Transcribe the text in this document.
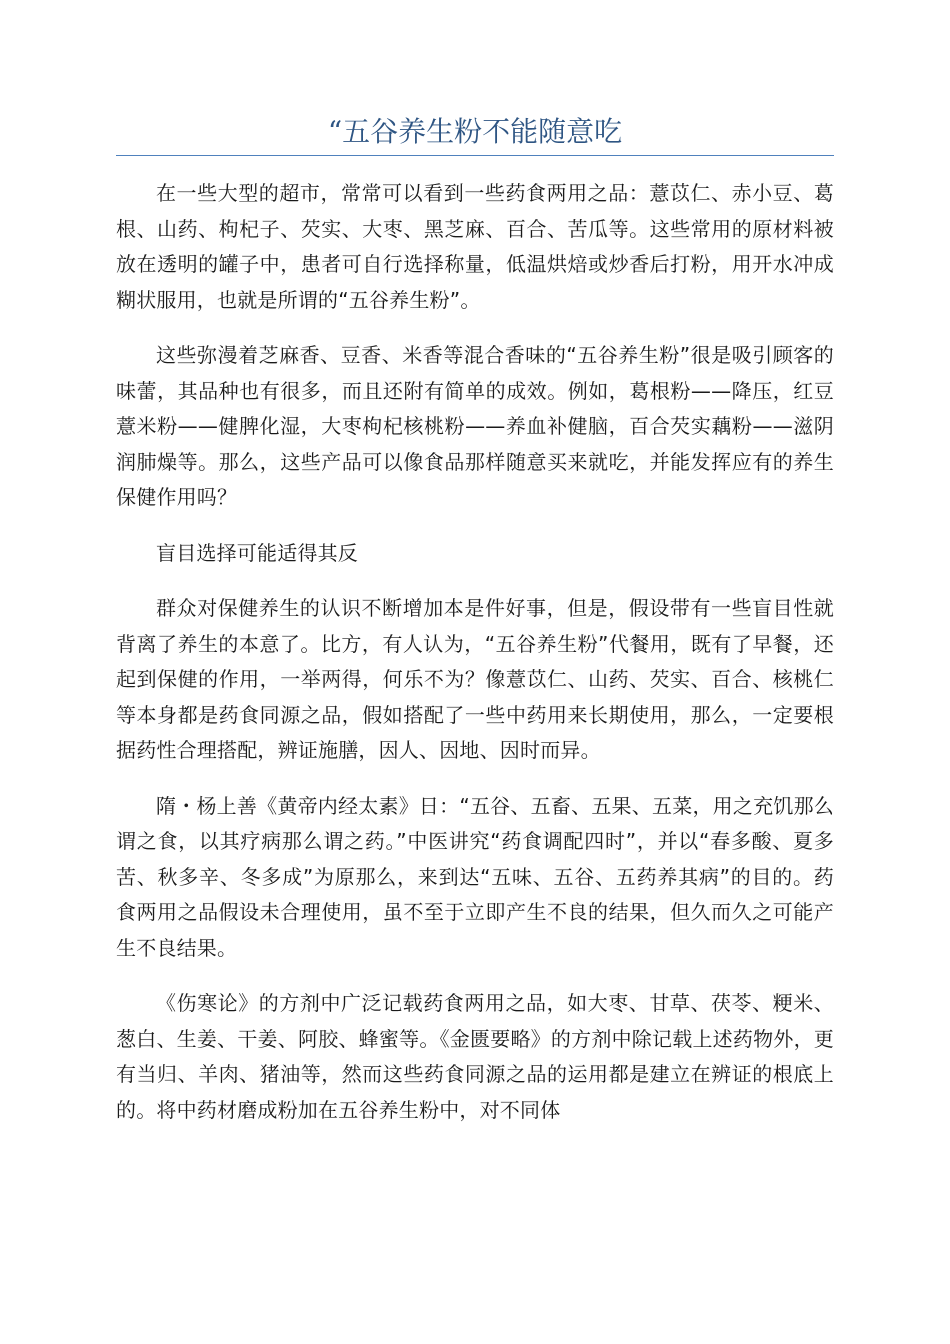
“五谷养生粉不能随意吃

在一些大型的超市，常常可以看到一些药食两用之品：薏苡仁、赤小豆、葛根、山药、枸杞子、芡实、大枣、黑芝麻、百合、苦瓜等。这些常用的原材料被放在透明的罐子中，患者可自行选择称量，低温烘焙或炒香后打粉，用开水冲成糊状服用，也就是所谓的“五谷养生粉”。

这些弥漫着芝麻香、豆香、米香等混合香味的“五谷养生粉”很是吸引顾客的味蕾，其品种也有很多，而且还附有简单的成效。例如，葛根粉——降压，红豆薏米粉——健脾化湿，大枣枸杞核桃粉——养血补健脑，百合芡实藕粉——滋阴润肺燥等。那么，这些产品可以像食品那样随意买来就吃，并能发挥应有的养生保健作用吗？

盲目选择可能适得其反

群众对保健养生的认识不断增加本是件好事，但是，假设带有一些盲目性就背离了养生的本意了。比方，有人认为，“五谷养生粉”代餐用，既有了早餐，还起到保健的作用，一举两得，何乐不为？像薏苡仁、山药、芡实、百合、核桃仁等本身都是药食同源之品，假如搭配了一些中药用来长期使用，那么，一定要根据药性合理搭配，辨证施膳，因人、因地、因时而异。

隋・杨上善《黄帝内经太素》日：“五谷、五畜、五果、五菜，用之充饥那么谓之食，以其疗病那么谓之药。”中医讲究“药食调配四时”，并以“春多酸、夏多苦、秋多辛、冬多成”为原那么，来到达“五味、五谷、五药养其病”的目的。药食两用之品假设未合理使用，虽不至于立即产生不良的结果，但久而久之可能产生不良结果。

《伤寒论》的方剂中广泛记载药食两用之品，如大枣、甘草、茯苓、粳米、葱白、生姜、干姜、阿胶、蜂蜜等。《金匮要略》的方剂中除记载上述药物外，更有当归、羊肉、猪油等，然而这些药食同源之品的运用都是建立在辨证的根底上的。将中药材磨成粉加在五谷养生粉中，对不同体
